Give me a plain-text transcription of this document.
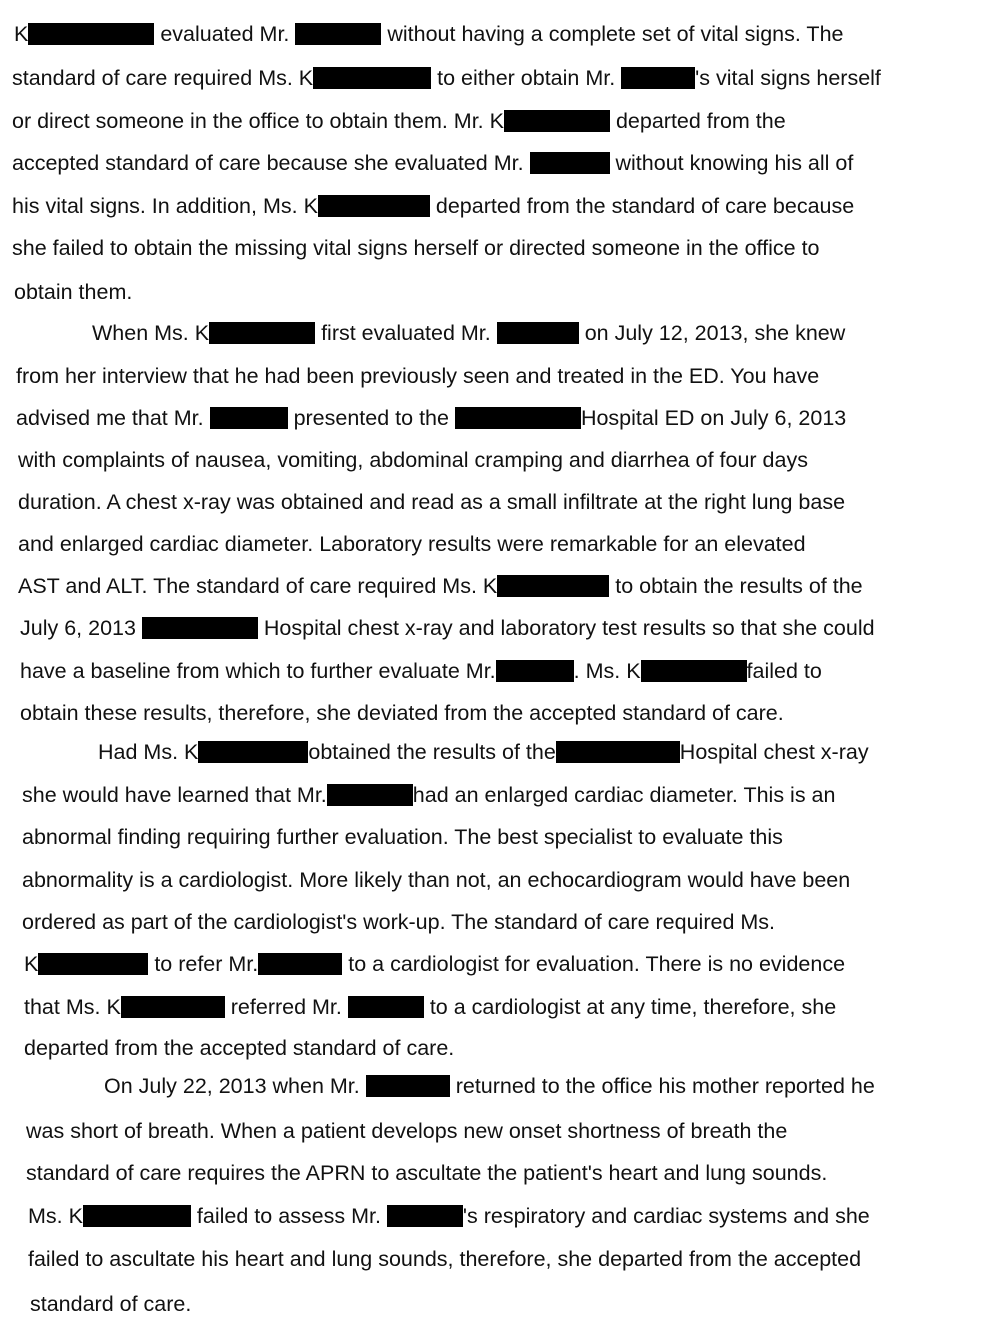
K	evaluated Mr.	without having a complete set of vital signs. The
standard of care required Ms. K	to either obtain Mr.	's vital signs herself
or direct someone in the office to obtain them. Mr. K	departed from the
accepted standard of care because she evaluated Mr.	without knowing his all of
his vital signs. In addition, Ms. K	departed from the standard of care because
she failed to obtain the missing vital signs herself or directed someone in the office to
obtain them.
When Ms. K	first evaluated Mr.	on July 12, 2013, she knew
from her interview that he had been previously seen and treated in the ED. You have
advised me that Mr.	presented to the	Hospital ED on July 6, 2013
with complaints of nausea, vomiting, abdominal cramping and diarrhea of four days
duration. A chest x-ray was obtained and read as a small infiltrate at the right lung base
and enlarged cardiac diameter. Laboratory results were remarkable for an elevated
AST and ALT. The standard of care required Ms. K	to obtain the results of the
July 6, 2013	Hospital chest x-ray and laboratory test results so that she could
have a baseline from which to further evaluate Mr.	. Ms. K	failed to
obtain these results, therefore, she deviated from the accepted standard of care.
Had Ms. K	obtained the results of the	Hospital chest x-ray
she would have learned that Mr.	had an enlarged cardiac diameter. This is an
abnormal finding requiring further evaluation. The best specialist to evaluate this
abnormality is a cardiologist. More likely than not, an echocardiogram would have been
ordered as part of the cardiologist's work-up. The standard of care required Ms.
K	to refer Mr.	to a cardiologist for evaluation. There is no evidence
that Ms. K	referred Mr.	to a cardiologist at any time, therefore, she
departed from the accepted standard of care.
On July 22, 2013 when Mr.	returned to the office his mother reported he
was short of breath. When a patient develops new onset shortness of breath the
standard of care requires the APRN to ascultate the patient's heart and lung sounds.
Ms. K	failed to assess Mr.	's respiratory and cardiac systems and she
failed to ascultate his heart and lung sounds, therefore, she departed from the accepted
standard of care.
